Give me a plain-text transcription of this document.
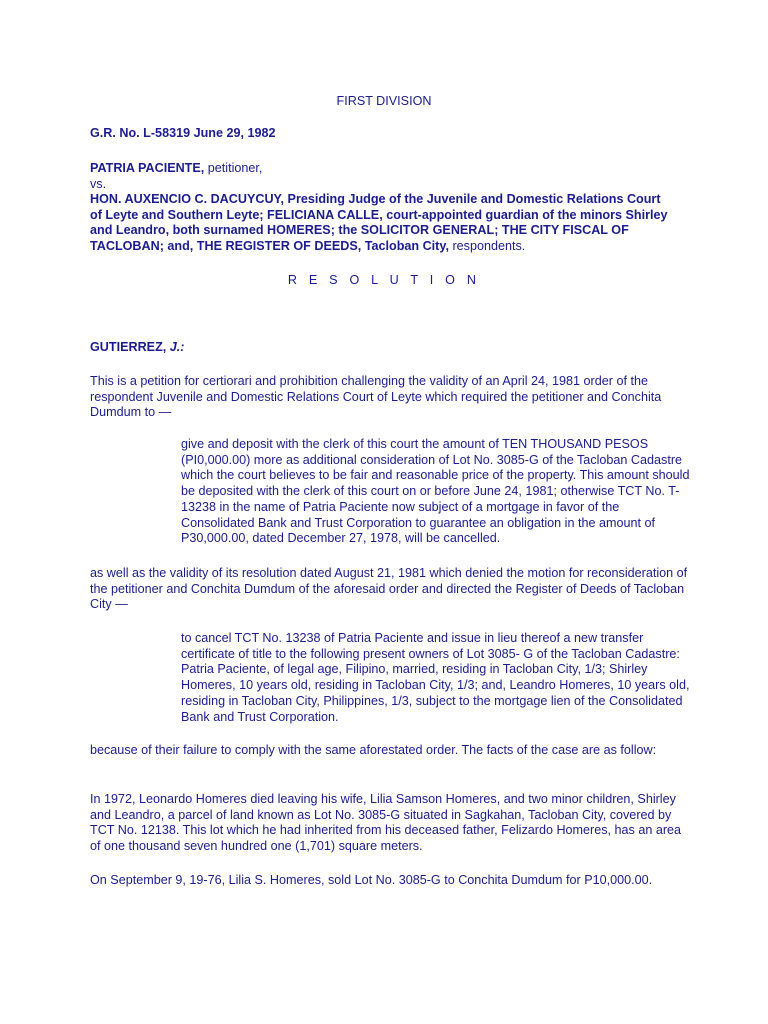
FIRST DIVISION

G.R. No. L-58319 June 29, 1982

PATRIA PACIENTE, petitioner,

vs.

HON. AUXENCIO C. DACUYCUY, Presiding Judge of the Juvenile and Domestic Relations Court of Leyte and Southern Leyte; FELICIANA CALLE, court-appointed guardian of the minors Shirley and Leandro, both surnamed HOMERES; the SOLICITOR GENERAL; THE CITY FISCAL OF TACLOBAN; and, THE REGISTER OF DEEDS, Tacloban City, respondents.

R E S O L U T I O N

GUTIERREZ, J.:

This is a petition for certiorari and prohibition challenging the validity of an April 24, 1981 order of the respondent Juvenile and Domestic Relations Court of Leyte which required the petitioner and Conchita Dumdum to —

give and deposit with the clerk of this court the amount of TEN THOUSAND PESOS (PI0,000.00) more as additional consideration of Lot No. 3085-G of the Tacloban Cadastre which the court believes to be fair and reasonable price of the property. This amount should be deposited with the clerk of this court on or before June 24, 1981; otherwise TCT No. T-13238 in the name of Patria Paciente now subject of a mortgage in favor of the Consolidated Bank and Trust Corporation to guarantee an obligation in the amount of P30,000.00, dated December 27, 1978, will be cancelled.

as well as the validity of its resolution dated August 21, 1981 which denied the motion for reconsideration of the petitioner and Conchita Dumdum of the aforesaid order and directed the Register of Deeds of Tacloban City —

to cancel TCT No. 13238 of Patria Paciente and issue in lieu thereof a new transfer certificate of title to the following present owners of Lot 3085- G of the Tacloban Cadastre: Patria Paciente, of legal age, Filipino, married, residing in Tacloban City, 1/3; Shirley Homeres, 10 years old, residing in Tacloban City, 1/3; and, Leandro Homeres, 10 years old, residing in Tacloban City, Philippines, 1/3, subject to the mortgage lien of the Consolidated Bank and Trust Corporation.

because of their failure to comply with the same aforestated order. The facts of the case are as follow:

In 1972, Leonardo Homeres died leaving his wife, Lilia Samson Homeres, and two minor children, Shirley and Leandro, a parcel of land known as Lot No. 3085-G situated in Sagkahan, Tacloban City, covered by TCT No. 12138. This lot which he had inherited from his deceased father, Felizardo Homeres, has an area of one thousand seven hundred one (1,701) square meters.

On September 9, 19-76, Lilia S. Homeres, sold Lot No. 3085-G to Conchita Dumdum for P10,000.00.
